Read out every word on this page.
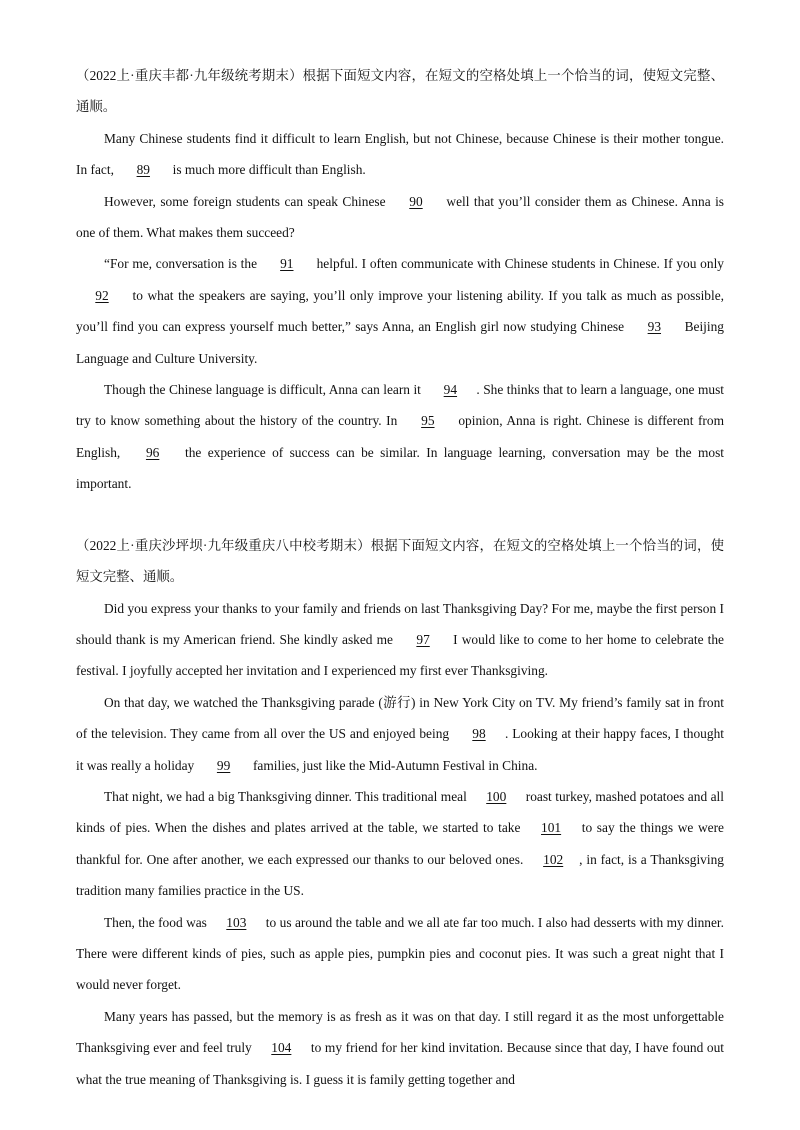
（2022上·重庆丰都·九年级统考期末）根据下面短文内容，在短文的空格处填上一个恰当的词，使短文完整、通顺。

Many Chinese students find it difficult to learn English, but not Chinese, because Chinese is their mother tongue. In fact, 89 is much more difficult than English.

However, some foreign students can speak Chinese 90 well that you’ll consider them as Chinese. Anna is one of them. What makes them succeed?

“For me, conversation is the 91 helpful. I often communicate with Chinese students in Chinese. If you only 92 to what the speakers are saying, you’ll only improve your listening ability. If you talk as much as possible, you’ll find you can express yourself much better,” says Anna, an English girl now studying Chinese 93 Beijing Language and Culture University.

Though the Chinese language is difficult, Anna can learn it 94 . She thinks that to learn a language, one must try to know something about the history of the country. In 95 opinion, Anna is right. Chinese is different from English, 96 the experience of success can be similar. In language learning, conversation may be the most important.

（2022上·重庆沙坪坝·九年级重庆八中校考期末）根据下面短文内容，在短文的空格处填上一个恰当的词，使短文完整、通顺。

Did you express your thanks to your family and friends on last Thanksgiving Day? For me, maybe the first person I should thank is my American friend. She kindly asked me 97 I would like to come to her home to celebrate the festival. I joyfully accepted her invitation and I experienced my first ever Thanksgiving.

On that day, we watched the Thanksgiving parade (游行) in New York City on TV. My friend’s family sat in front of the television. They came from all over the US and enjoyed being 98 . Looking at their happy faces, I thought it was really a holiday 99 families, just like the Mid-Autumn Festival in China.

That night, we had a big Thanksgiving dinner. This traditional meal 100 roast turkey, mashed potatoes and all kinds of pies. When the dishes and plates arrived at the table, we started to take 101 to say the things we were thankful for. One after another, we each expressed our thanks to our beloved ones. 102 , in fact, is a Thanksgiving tradition many families practice in the US.

Then, the food was 103 to us around the table and we all ate far too much. I also had desserts with my dinner. There were different kinds of pies, such as apple pies, pumpkin pies and coconut pies. It was such a great night that I would never forget.

Many years has passed, but the memory is as fresh as it was on that day. I still regard it as the most unforgettable Thanksgiving ever and feel truly 104 to my friend for her kind invitation. Because since that day, I have found out what the true meaning of Thanksgiving is. I guess it is family getting together and
